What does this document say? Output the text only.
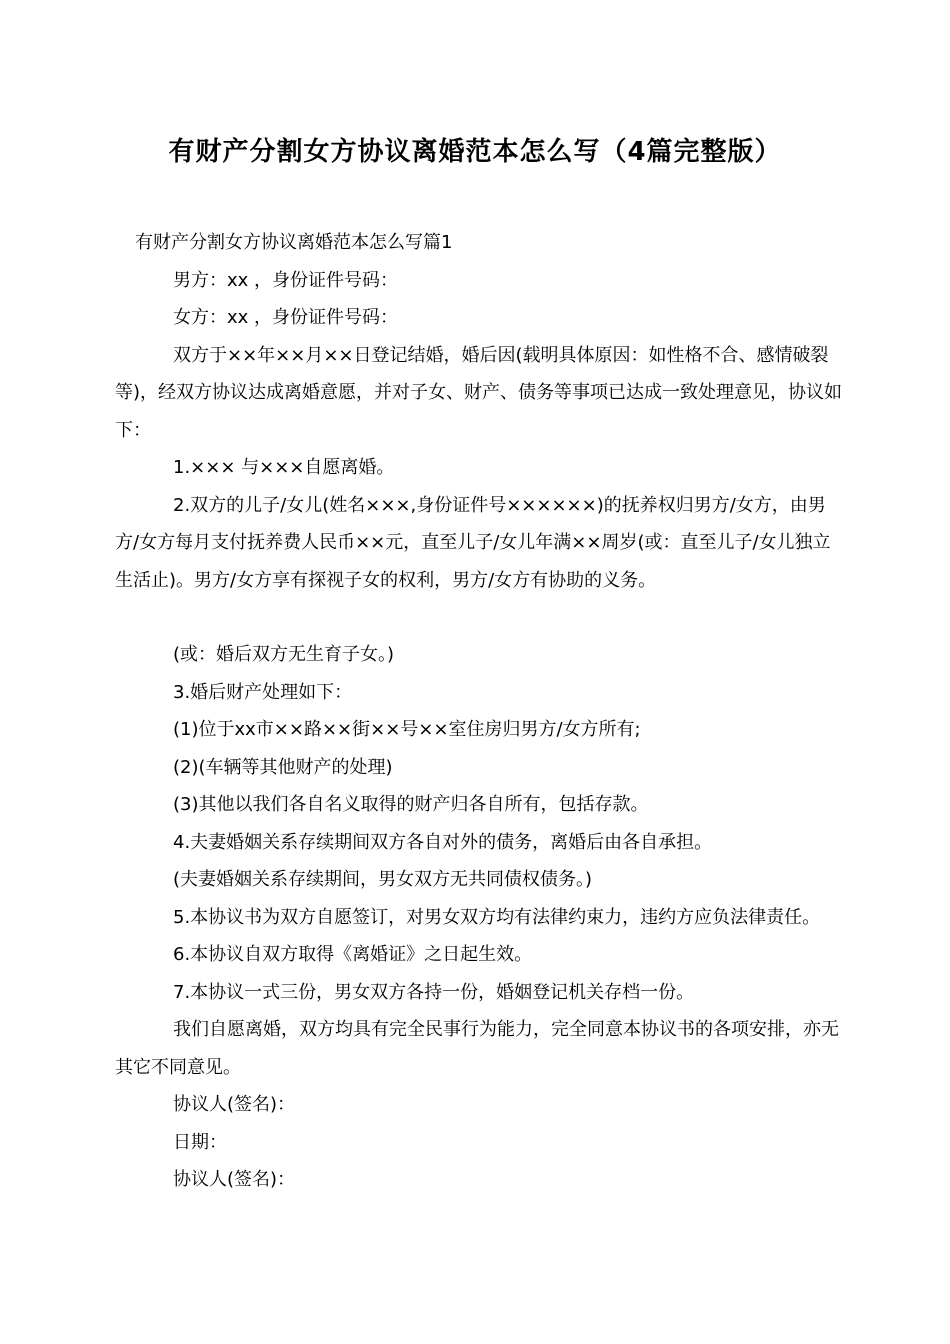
有财产分割女方协议离婚范本怎么写（4篇完整版）

有财产分割女方协议离婚范本怎么写篇1

男方：xx ，身份证件号码：

女方：xx ，身份证件号码：

双方于××年××月××日登记结婚，婚后因(载明具体原因：如性格不合、感情破裂等)，经双方协议达成离婚意愿，并对子女、财产、债务等事项已达成一致处理意见，协议如下：

1.××× 与×××自愿离婚。

2.双方的儿子/女儿(姓名×××,身份证件号××××××)的抚养权归男方/女方，由男方/女方每月支付抚养费人民币××元，直至儿子/女儿年满××周岁(或：直至儿子/女儿独立生活止)。男方/女方享有探视子女的权利，男方/女方有协助的义务。

(或：婚后双方无生育子女。)

3.婚后财产处理如下：

(1)位于xx市××路××街××号××室住房归男方/女方所有;

(2)(车辆等其他财产的处理)

(3)其他以我们各自名义取得的财产归各自所有，包括存款。

4.夫妻婚姻关系存续期间双方各自对外的债务，离婚后由各自承担。

(夫妻婚姻关系存续期间，男女双方无共同债权债务。)

5.本协议书为双方自愿签订，对男女双方均有法律约束力，违约方应负法律责任。

6.本协议自双方取得《离婚证》之日起生效。

7.本协议一式三份，男女双方各持一份，婚姻登记机关存档一份。

我们自愿离婚，双方均具有完全民事行为能力，完全同意本协议书的各项安排，亦无其它不同意见。

协议人(签名)：

日期：

协议人(签名)：
